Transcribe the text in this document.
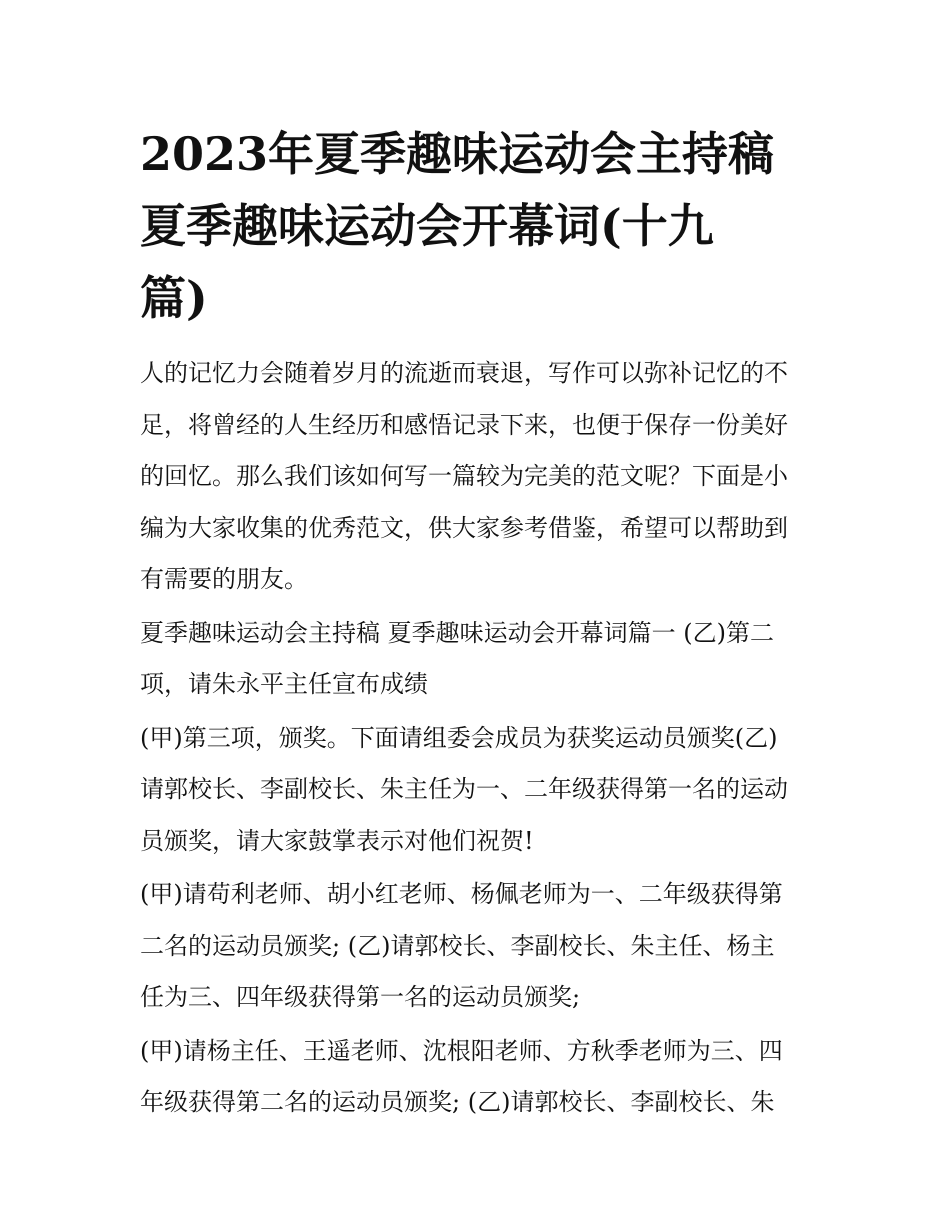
2023年夏季趣味运动会主持稿
夏季趣味运动会开幕词(十九
篇)

人的记忆力会随着岁月的流逝而衰退，写作可以弥补记忆的不
足，将曾经的人生经历和感悟记录下来，也便于保存一份美好
的回忆。那么我们该如何写一篇较为完美的范文呢？下面是小
编为大家收集的优秀范文，供大家参考借鉴，希望可以帮助到
有需要的朋友。

夏季趣味运动会主持稿 夏季趣味运动会开幕词篇一 (乙)第二
项，请朱永平主任宣布成绩

(甲)第三项，颁奖。下面请组委会成员为获奖运动员颁奖(乙)
请郭校长、李副校长、朱主任为一、二年级获得第一名的运动
员颁奖，请大家鼓掌表示对他们祝贺!

(甲)请苟利老师、胡小红老师、杨佩老师为一、二年级获得第
二名的运动员颁奖; (乙)请郭校长、李副校长、朱主任、杨主
任为三、四年级获得第一名的运动员颁奖;

(甲)请杨主任、王遥老师、沈根阳老师、方秋季老师为三、四
年级获得第二名的运动员颁奖; (乙)请郭校长、李副校长、朱
